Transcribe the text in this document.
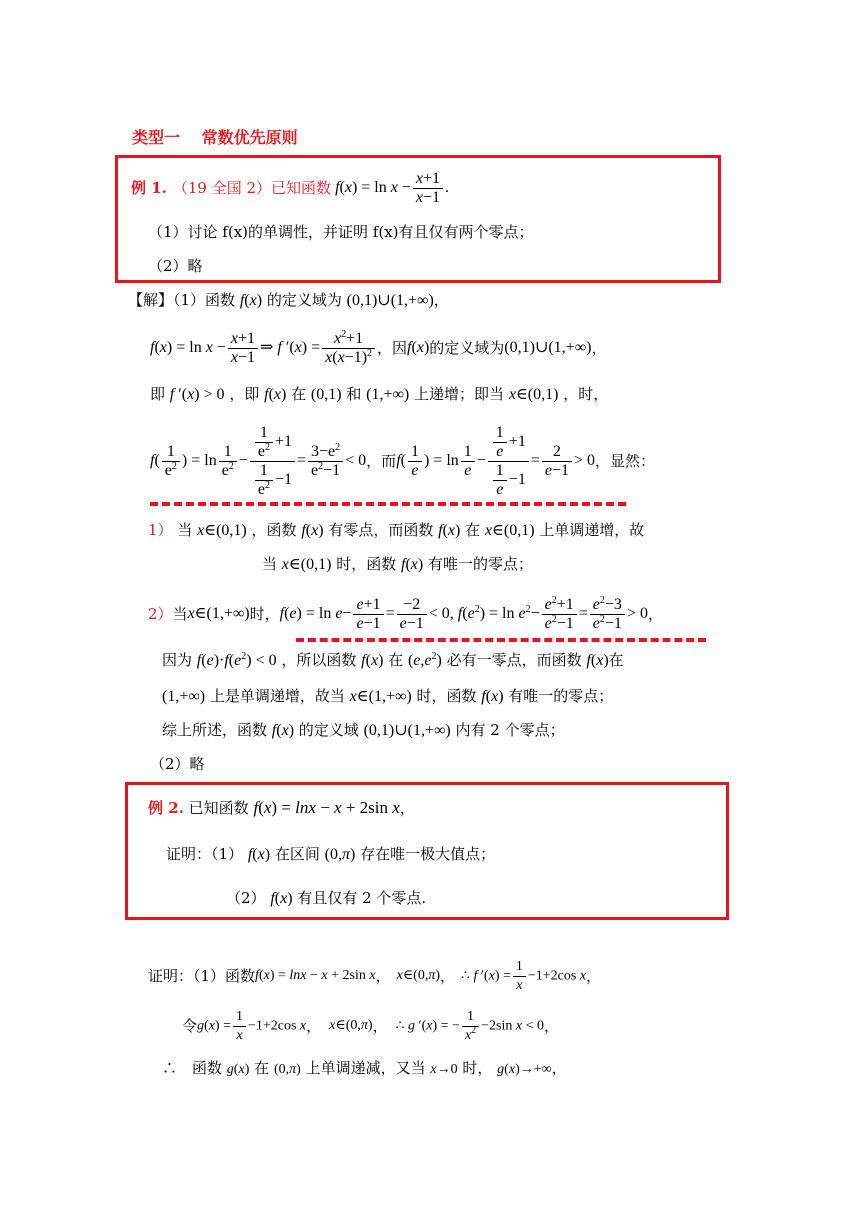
类型一　 常数优先原则
例 1. （19 全国 2）已知函数 $f(x) = \ln x - \frac{x+1}{x-1}$ .
（1）讨论 f(x)的单调性，并证明 f(x)有且仅有两个零点；
（2）略
【解】（1）函数 f(x) 的定义域为 (0,1)∪(1,+∞)，
$f(x) = \ln x - \frac{x+1}{x-1}$ ⇒ f $'(x) = \frac{x^2+1}{x(x-1)^2}$ ，因 f(x) 的定义域为 (0,1)∪(1,+∞) ，
即 f ′(x) > 0 ，即 f(x) 在 (0,1) 和 (1,+∞) 上递增；即当 x∈(0,1) ，时，
$f( \frac{1}{e^2}$ ) = $\ln \frac{1}{e^2} - \frac{\frac{1}{e^2} +1}{\frac{1}{e^2} -1} = \frac{3-e^2}{e^2-1} < 0$ ，而 $f( \frac{1}{e}$ ) = $\ln \frac{1}{e} - \frac{\frac{1}{e} +1}{\frac{1}{e} -1} = \frac{2}{e-1} > 0$ ，显然：
1） 当 x∈(0,1) ，函数 f(x) 有零点，而函数 f(x) 在 x∈(0,1) 上单调递增，故
当 x∈(0,1) 时，函数 f(x) 有唯一的零点；
2） 当 x∈(1,+∞) 时， $f(e) = \ln e- \frac{e+1}{e-1} = \frac{-2}{e-1} < 0$, $f(e^2) = \ln e^2- \frac{e^2+1}{e^2-1} = \frac{e^2-3}{e^2-1} > 0$ ，
因为 $f(e)\cdot f(e^2) < 0$ ，所以函数 f(x) 在 $(e,e^2)$ 必有一零点，而函数 f(x)在
(1,+∞) 上是单调递增，故当 x∈(1,+∞) 时，函数 f(x) 有唯一的零点；
综上所述，函数 f(x) 的定义域 (0,1)∪(1,+∞) 内有 2 个零点；
（2）略
例 2. 已知函数 f(x) = lnx − x + 2sin x，
证明：（1） f(x) 在区间 (0,π) 存在唯一极大值点；
（2） f(x) 有且仅有 2 个零点.
证明：（1）函数 f(x) = lnx − x + 2sin x ， x∈(0,π) ， ∴ f $'(x) = \frac{1}{x} -1+2\cos$ x ，
令 $g(x) = \frac{1}{x} -1+2\cos$ x ， x∈(0,π) ， ∴ g ′(x) = − $\frac{1}{x^2} -2\sin$ x < 0 ，
∴　函数 g(x) 在 (0,π) 上单调递减，又当 x→0 时， g(x)→+∞，
